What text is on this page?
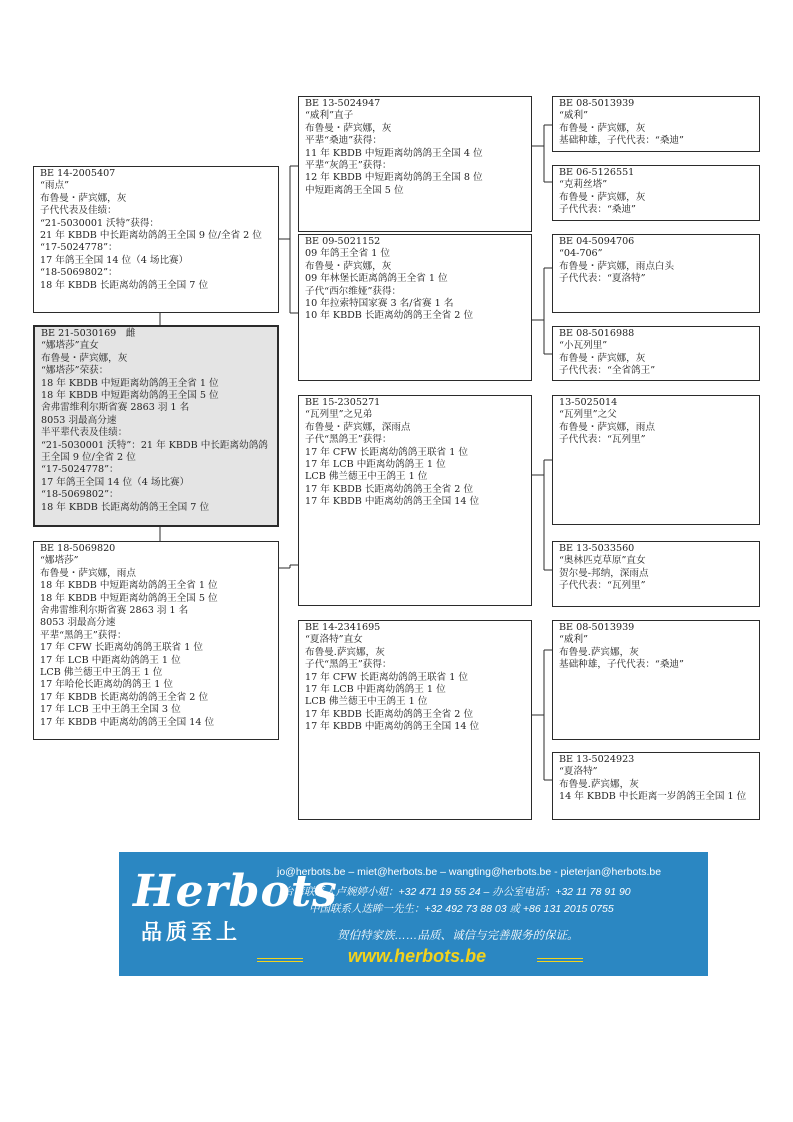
BE 14-2005407
“雨点”
布鲁曼・萨宾娜，灰
子代代表及佳绩：
“21-5030001 沃特”获得：
21 年 KBDB 中长距离幼鸽鸽王全国 9 位/全省 2 位
“17-5024778”：
17 年鸽王全国 14 位（4 场比赛）
“18-5069802”：
18 年 KBDB 长距离幼鸽鸽王全国 7 位
BE 21-5030169　雌
“娜塔莎”直女
布鲁曼・萨宾娜，灰
“娜塔莎”荣获：
18 年 KBDB 中短距离幼鸽鸽王全省 1 位
18 年 KBDB 中短距离幼鸽鸽王全国 5 位
舍弗雷维利尔斯省赛 2863 羽 1 名
8053 羽最高分速
半平辈代表及佳绩：
“21-5030001 沃特”：21 年 KBDB 中长距离幼鸽鸽王全国 9 位/全省 2 位
“17-5024778”：
17 年鸽王全国 14 位（4 场比赛）
“18-5069802”：
18 年 KBDB 长距离幼鸽鸽王全国 7 位
BE 18-5069820
“娜塔莎”
布鲁曼・萨宾娜，雨点
18 年 KBDB 中短距离幼鸽鸽王全省 1 位
18 年 KBDB 中短距离幼鸽鸽王全国 5 位
舍弗雷维利尔斯省赛 2863 羽 1 名
8053 羽最高分速
平辈“黑鸽王”获得：
17 年 CFW 长距离幼鸽鸽王联省 1 位
17 年 LCB 中距离幼鸽鸽王 1 位
LCB 佛兰德王中王鸽王 1 位
17 年哈伦长距离幼鸽鸽王 1 位
17 年 KBDB 长距离幼鸽鸽王全省 2 位
17 年 LCB 王中王鸽王全国 3 位
17 年 KBDB 中距离幼鸽鸽王全国 14 位
BE 13-5024947
“威利”直子
布鲁曼・萨宾娜，灰
平辈“桑迪”获得：
11 年 KBDB 中短距离幼鸽鸽王全国 4 位
平辈“灰鸽王”获得：
12 年 KBDB 中短距离幼鸽鸽王全国 8 位
中短距离鸽王全国 5 位
BE 09-5021152
09 年鸽王全省 1 位
布鲁曼・萨宾娜，灰
09 年林堡长距离鸽鸽王全省 1 位
子代“西尔维娅”获得：
10 年拉索特国家赛 3 名/省赛 1 名
10 年 KBDB 长距离幼鸽鸽王全省 2 位
BE 15-2305271
“瓦列里”之兄弟
布鲁曼・萨宾娜，深雨点
子代“黑鸽王”获得：
17 年 CFW 长距离幼鸽鸽王联省 1 位
17 年 LCB 中距离幼鸽鸽王 1 位
LCB 佛兰德王中王鸽王 1 位
17 年 KBDB 长距离幼鸽鸽王全省 2 位
17 年 KBDB 中距离幼鸽鸽王全国 14 位
BE 14-2341695
“夏洛特”直女
布鲁曼.萨宾娜，灰
子代“黑鸽王”获得：
17 年 CFW 长距离幼鸽鸽王联省 1 位
17 年 LCB 中距离幼鸽鸽王 1 位
LCB 佛兰德王中王鸽王 1 位
17 年 KBDB 长距离幼鸽鸽王全省 2 位
17 年 KBDB 中距离幼鸽鸽王全国 14 位
BE 08-5013939
“威利”
布鲁曼・萨宾娜，灰
基础种雄，子代代表：“桑迪”
BE 06-5126551
“克莉丝塔”
布鲁曼・萨宾娜，灰
子代代表：“桑迪”
BE 04-5094706
“04-706”
布鲁曼・萨宾娜，雨点白头
子代代表：“夏洛特”
BE 08-5016988
“小瓦列里”
布鲁曼・萨宾娜，灰
子代代表：“全省鸽王”
13-5025014
“瓦列里”之父
布鲁曼・萨宾娜，雨点
子代代表：“瓦列里”
BE 13-5033560
“奥林匹克草原”直女
贺尔曼-邦纳，深雨点
子代代表：“瓦列里”
BE 08-5013939
“威利”
布鲁曼.萨宾娜，灰
基础种雄，子代代表：“桑迪”
BE 13-5024923
“夏洛特”
布鲁曼.萨宾娜，灰
14 年 KBDB 中长距离一岁鸽鸽王全国 1 位
Herbots
品质至上
jo@herbots.be – miet@herbots.be – wangting@herbots.be - pieterjan@herbots.be
台湾联系人卢婉婷小姐：+32 471 19 55 24 – 办公室电话：+32 11 78 91 90
中国联系人迭眸一先生：+32 492 73 88 03 或 +86 131 2015 0755
贺伯特家族……品质、诚信与完善服务的保证。
www.herbots.be
